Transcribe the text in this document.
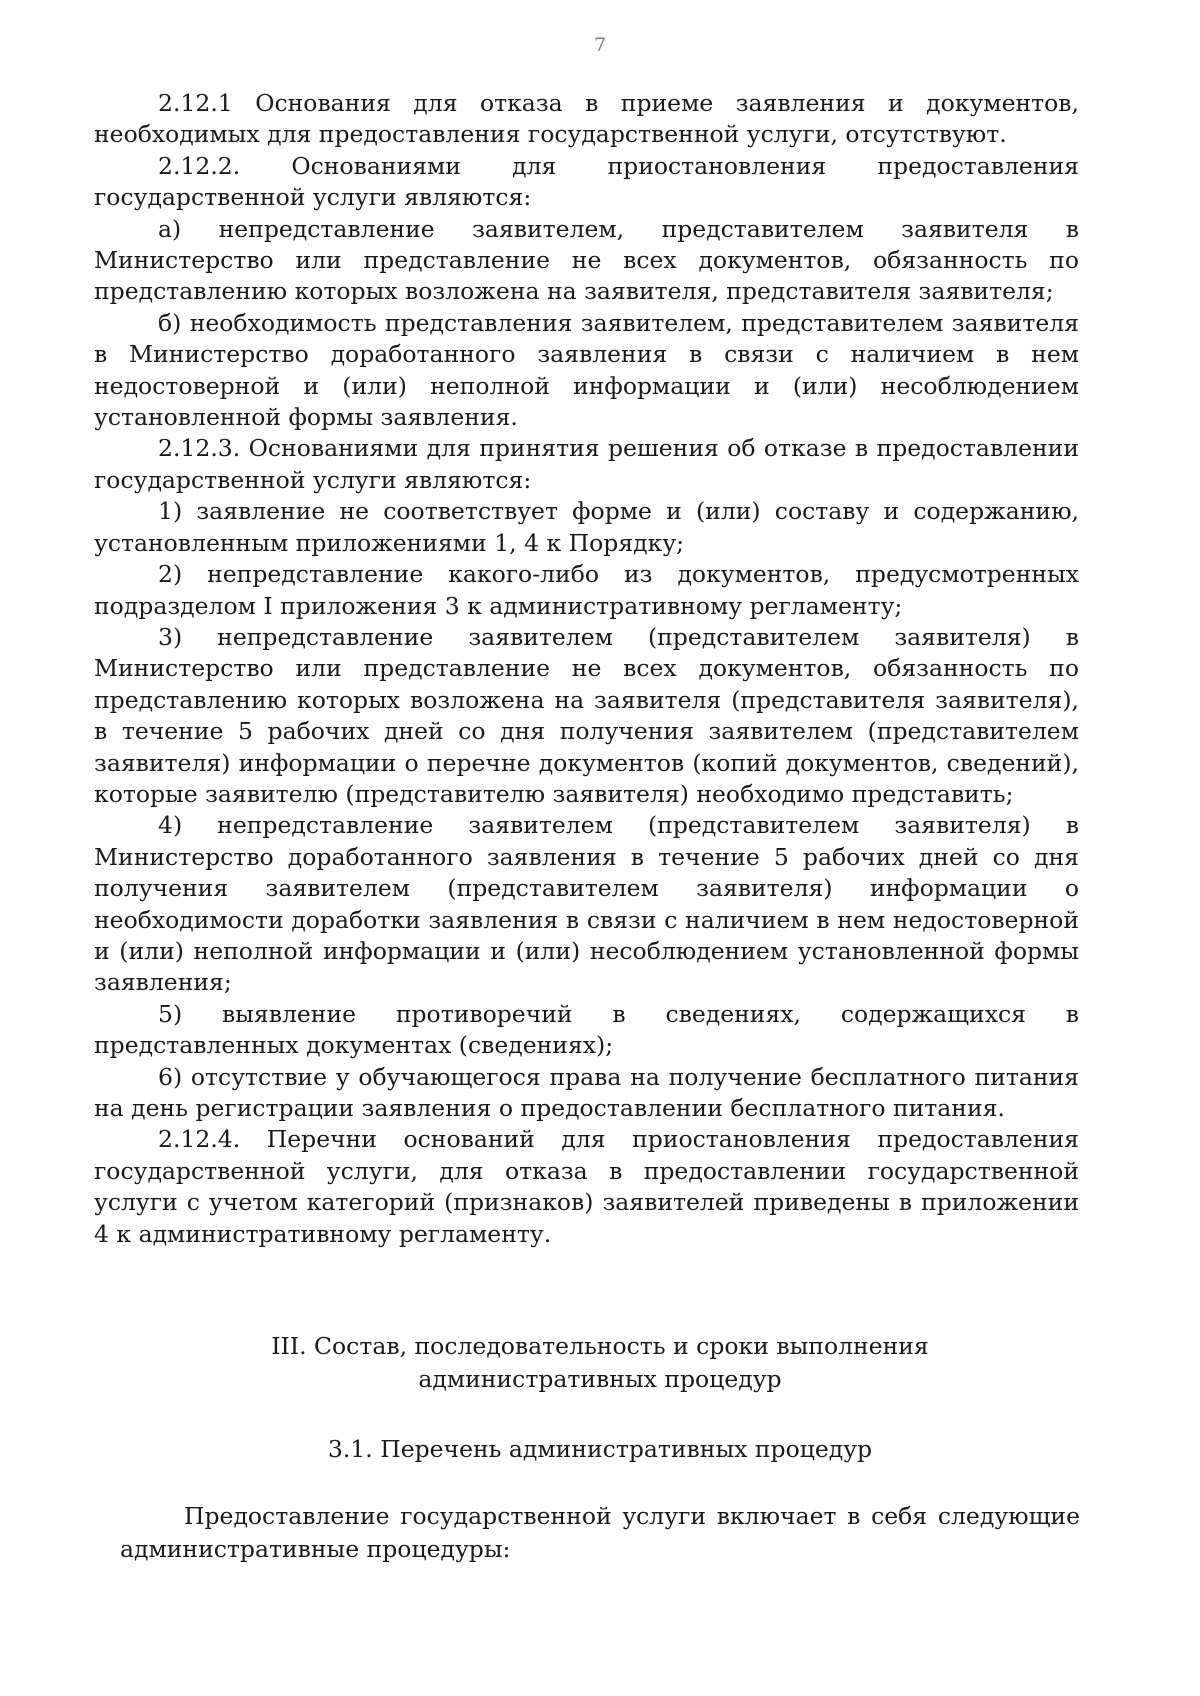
7

2.12.1 Основания для отказа в приеме заявления и документов, необходимых для предоставления государственной услуги, отсутствуют.

2.12.2. Основаниями для приостановления предоставления государственной услуги являются:

а) непредставление заявителем, представителем заявителя в Министерство или представление не всех документов, обязанность по представлению которых возложена на заявителя, представителя заявителя;

б) необходимость представления заявителем, представителем заявителя в Министерство доработанного заявления в связи с наличием в нем недостоверной и (или) неполной информации и (или) несоблюдением установленной формы заявления.

2.12.3. Основаниями для принятия решения об отказе в предоставлении государственной услуги являются:

1) заявление не соответствует форме и (или) составу и содержанию, установленным приложениями 1, 4 к Порядку;

2) непредставление какого-либо из документов, предусмотренных подразделом I приложения 3 к административному регламенту;

3) непредставление заявителем (представителем заявителя) в Министерство или представление не всех документов, обязанность по представлению которых возложена на заявителя (представителя заявителя), в течение 5 рабочих дней со дня получения заявителем (представителем заявителя) информации о перечне документов (копий документов, сведений), которые заявителю (представителю заявителя) необходимо представить;

4) непредставление заявителем (представителем заявителя) в Министерство доработанного заявления в течение 5 рабочих дней со дня получения заявителем (представителем заявителя) информации о необходимости доработки заявления в связи с наличием в нем недостоверной и (или) неполной информации и (или) несоблюдением установленной формы заявления;

5) выявление противоречий в сведениях, содержащихся в представленных документах (сведениях);

6) отсутствие у обучающегося права на получение бесплатного питания на день регистрации заявления о предоставлении бесплатного питания.

2.12.4. Перечни оснований для приостановления предоставления государственной услуги, для отказа в предоставлении государственной услуги с учетом категорий (признаков) заявителей приведены в приложении 4 к административному регламенту.

III. Состав, последовательность и сроки выполнения
административных процедур
3.1. Перечень административных процедур

Предоставление государственной услуги включает в себя следующие административные процедуры:
